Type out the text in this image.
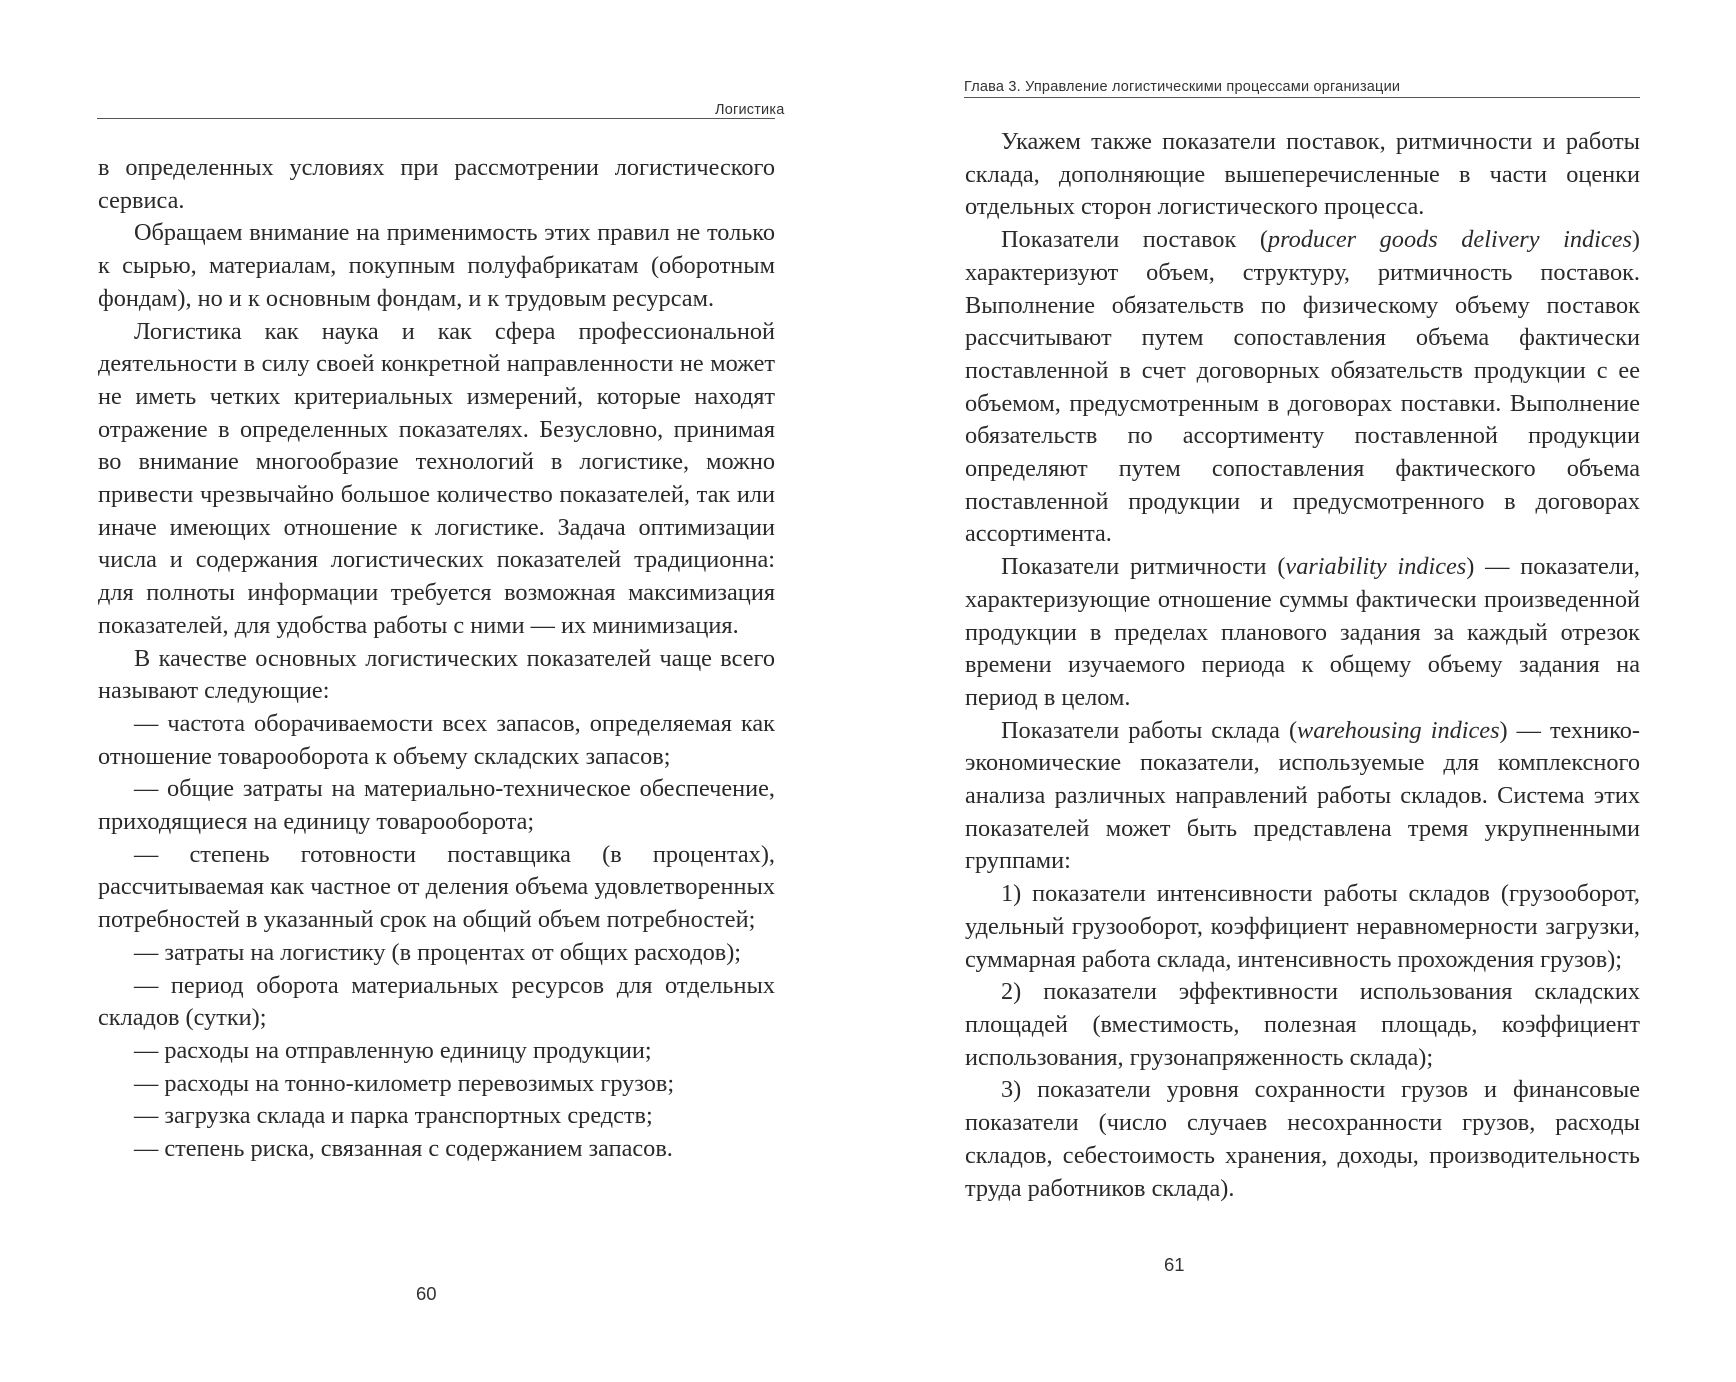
Логистика

в определенных условиях при рассмотрении логистического сервиса.

Обращаем внимание на применимость этих правил не только к сырью, материалам, покупным полуфабрикатам (оборотным фондам), но и к основным фондам, и к трудовым ресурсам.

Логистика как наука и как сфера профессиональной деятельности в силу своей конкретной направленности не может не иметь четких критериальных измерений, которые находят отражение в определенных показателях. Безусловно, принимая во внимание многообразие технологий в логистике, можно привести чрезвычайно большое количество показателей, так или иначе имеющих отношение к логистике. Задача оптимизации числа и содержания логистических показателей традиционна: для полноты информации требуется возможная максимизация показателей, для удобства работы с ними — их минимизация.

В качестве основных логистических показателей чаще всего называют следующие:

— частота оборачиваемости всех запасов, определяемая как отношение товарооборота к объему складских запасов;

— общие затраты на материально-техническое обеспечение, приходящиеся на единицу товарооборота;

— степень готовности поставщика (в процентах), рассчитываемая как частное от деления объема удовлетворенных потребностей в указанный срок на общий объем потребностей;

— затраты на логистику (в процентах от общих расходов);

— период оборота материальных ресурсов для отдельных складов (сутки);

— расходы на отправленную единицу продукции;

— расходы на тонно-километр перевозимых грузов;

— загрузка склада и парка транспортных средств;

— степень риска, связанная с содержанием запасов.

60
Глава 3. Управление логистическими процессами организации

Укажем также показатели поставок, ритмичности и работы склада, дополняющие вышеперечисленные в части оценки отдельных сторон логистического процесса.

Показатели поставок (producer goods delivery indices) характеризуют объем, структуру, ритмичность поставок. Выполнение обязательств по физическому объему поставок рассчитывают путем сопоставления объема фактически поставленной в счет договорных обязательств продукции с ее объемом, предусмотренным в договорах поставки. Выполнение обязательств по ассортименту поставленной продукции определяют путем сопоставления фактического объема поставленной продукции и предусмотренного в договорах ассортимента.

Показатели ритмичности (variability indices) — показатели, характеризующие отношение суммы фактически произведенной продукции в пределах планового задания за каждый отрезок времени изучаемого периода к общему объему задания на период в целом.

Показатели работы склада (warehousing indices) — технико-экономические показатели, используемые для комплексного анализа различных направлений работы складов. Система этих показателей может быть представлена тремя укрупненными группами:

1) показатели интенсивности работы складов (грузооборот, удельный грузооборот, коэффициент неравномерности загрузки, суммарная работа склада, интенсивность прохождения грузов);

2) показатели эффективности использования складских площадей (вместимость, полезная площадь, коэффициент использования, грузонапряженность склада);

3) показатели уровня сохранности грузов и финансовые показатели (число случаев несохранности грузов, расходы складов, себестоимость хранения, доходы, производительность труда работников склада).

61
